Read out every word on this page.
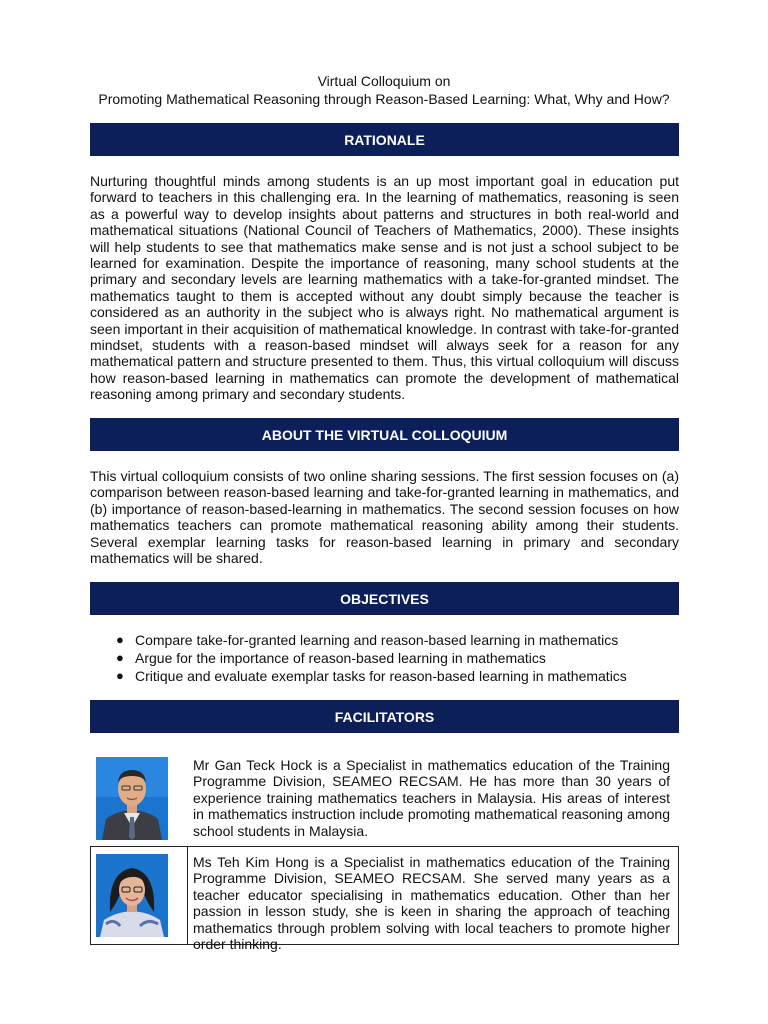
Virtual Colloquium on
Promoting Mathematical Reasoning through Reason-Based Learning: What, Why and How?
RATIONALE

Nurturing thoughtful minds among students is an up most important goal in education put forward to teachers in this challenging era. In the learning of mathematics, reasoning is seen as a powerful way to develop insights about patterns and structures in both real-world and mathematical situations (National Council of Teachers of Mathematics, 2000). These insights will help students to see that mathematics make sense and is not just a school subject to be learned for examination. Despite the importance of reasoning, many school students at the primary and secondary levels are learning mathematics with a take-for-granted mindset. The mathematics taught to them is accepted without any doubt simply because the teacher is considered as an authority in the subject who is always right. No mathematical argument is seen important in their acquisition of mathematical knowledge. In contrast with take-for-granted mindset, students with a reason-based mindset will always seek for a reason for any mathematical pattern and structure presented to them. Thus, this virtual colloquium will discuss how reason-based learning in mathematics can promote the development of mathematical reasoning among primary and secondary students.

ABOUT THE VIRTUAL COLLOQUIUM

This virtual colloquium consists of two online sharing sessions. The first session focuses on (a) comparison between reason-based learning and take-for-granted learning in mathematics, and (b) importance of reason-based-learning in mathematics. The second session focuses on how mathematics teachers can promote mathematical reasoning ability among their students. Several exemplar learning tasks for reason-based learning in primary and secondary mathematics will be shared.

OBJECTIVES
● Compare take-for-granted learning and reason-based learning in mathematics
● Argue for the importance of reason-based learning in mathematics
● Critique and evaluate exemplar tasks for reason-based learning in mathematics
FACILITATORS

Mr Gan Teck Hock is a Specialist in mathematics education of the Training Programme Division, SEAMEO RECSAM. He has more than 30 years of experience training mathematics teachers in Malaysia. His areas of interest in mathematics instruction include promoting mathematical reasoning among school students in Malaysia.

Ms Teh Kim Hong is a Specialist in mathematics education of the Training Programme Division, SEAMEO RECSAM. She served many years as a teacher educator specialising in mathematics education. Other than her passion in lesson study, she is keen in sharing the approach of teaching mathematics through problem solving with local teachers to promote higher order thinking.
